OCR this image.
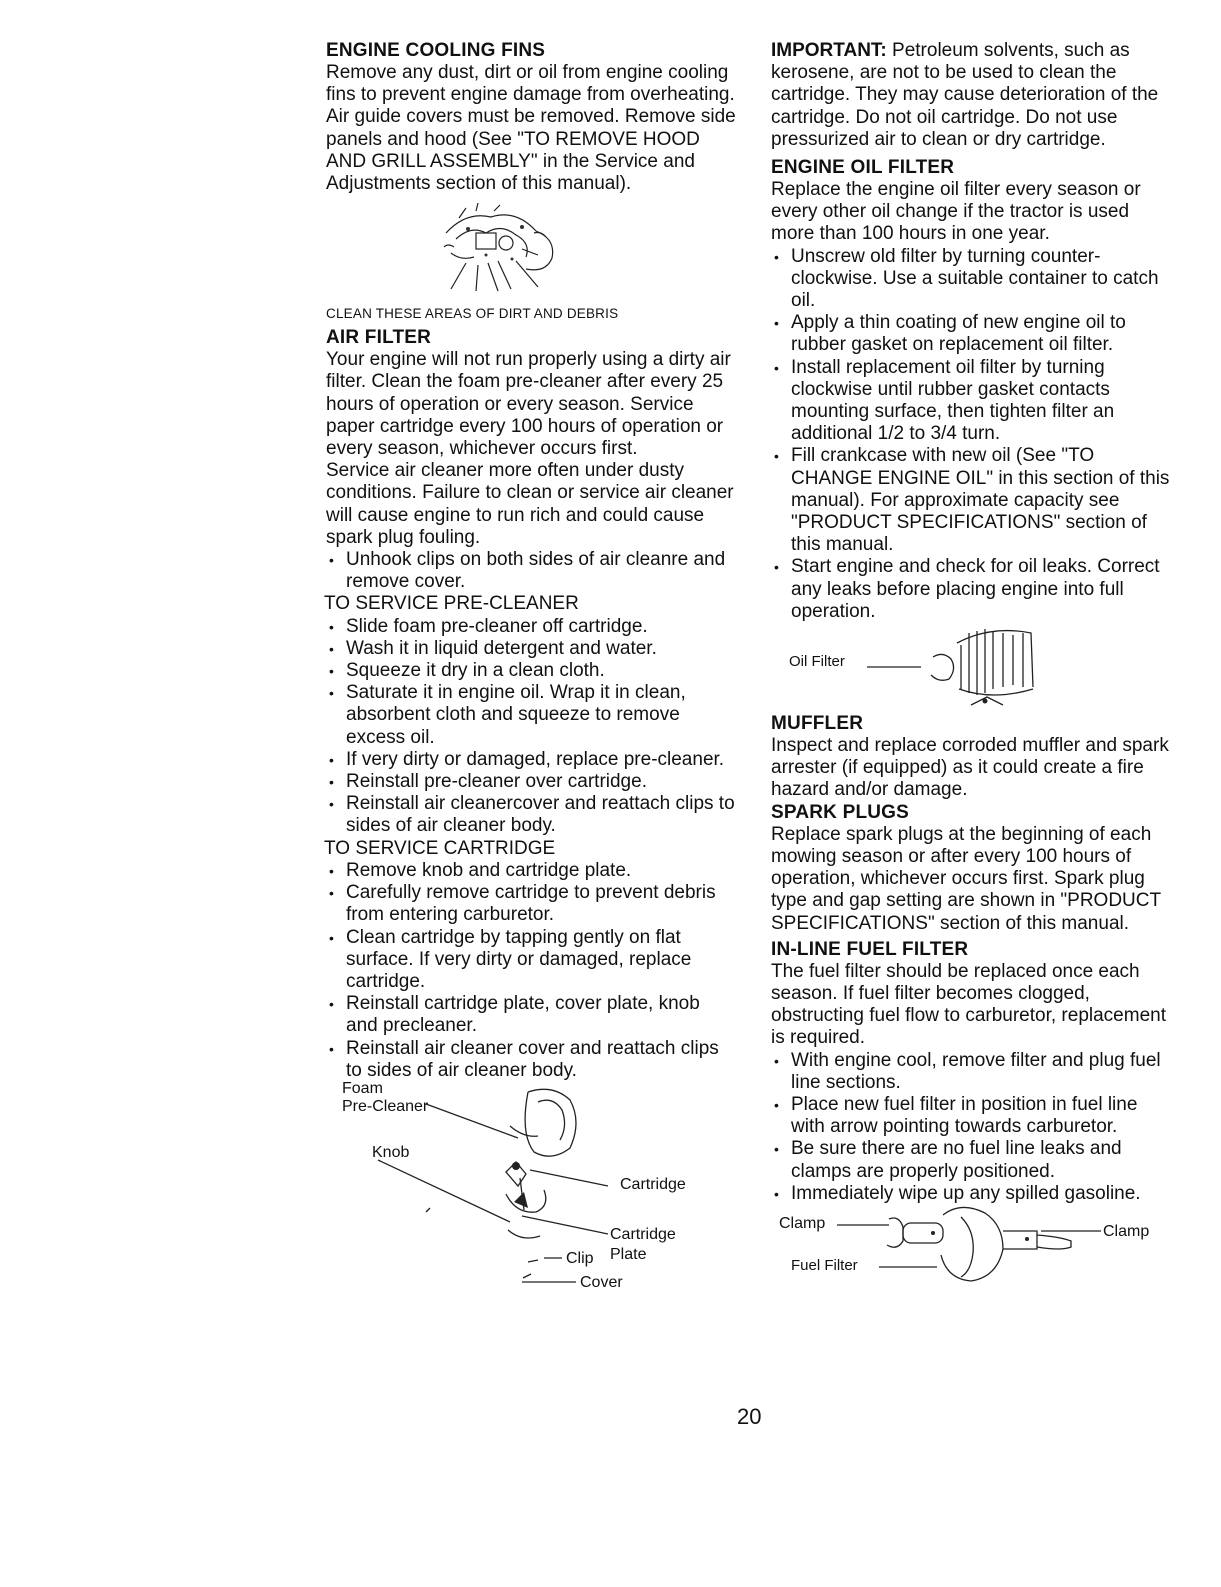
ENGINE COOLING FINS

Remove any dust, dirt or oil from engine cooling fins to prevent engine damage from overheating. Air guide covers must be removed. Remove side panels and hood (See "TO REMOVE HOOD AND GRILL ASSEMBLY" in the Service and Adjustments section of this manual).

CLEAN THESE AREAS OF DIRT AND DEBRIS

AIR FILTER

Your engine will not run properly using a dirty air filter. Clean the foam pre-cleaner after every 25 hours of operation or every season. Service paper cartridge every 100 hours of operation or every season, whichever occurs first.

Service air cleaner more often under dusty conditions. Failure to clean or service air cleaner will cause engine to run rich and could cause spark plug fouling.

• Unhook clips on both sides of air cleanre and remove cover.

TO SERVICE PRE-CLEANER

• Slide foam pre-cleaner off cartridge.
• Wash it in liquid detergent and water.
• Squeeze it dry in a clean cloth.
• Saturate it in engine oil. Wrap it in clean, absorbent cloth and squeeze to remove excess oil.
• If very dirty or damaged, replace pre-cleaner.
• Reinstall pre-cleaner over cartridge.
• Reinstall air cleanercover and reattach clips to sides of air cleaner body.

TO SERVICE CARTRIDGE

• Remove knob and cartridge plate.
• Carefully remove cartridge to prevent debris from entering carburetor.
• Clean cartridge by tapping gently on flat surface. If very dirty or damaged, replace cartridge.
• Reinstall cartridge plate, cover plate, knob and precleaner.
• Reinstall air cleaner cover and reattach clips to sides of air cleaner body.
Foam
Pre-Cleaner
Knob
Cartridge
Cartridge
Plate
Clip
Cover

IMPORTANT: Petroleum solvents, such as kerosene, are not to be used to clean the cartridge. They may cause deterioration of the cartridge. Do not oil cartridge. Do not use pressurized air to clean or dry cartridge.

ENGINE OIL FILTER

Replace the engine oil filter every season or every other oil change if the tractor is used more than 100 hours in one year.

• Unscrew old filter by turning counter-clockwise. Use a suitable container to catch oil.
• Apply a thin coating of new engine oil to rubber gasket on replacement oil filter.
• Install replacement oil filter by turning clockwise until rubber gasket contacts mounting surface, then tighten filter an additional 1/2 to 3/4 turn.
• Fill crankcase with new oil (See "TO CHANGE ENGINE OIL" in this section of this manual). For approximate capacity see "PRODUCT SPECIFICATIONS" section of this manual.
• Start engine and check for oil leaks. Correct any leaks before placing engine into full operation.
Oil Filter

MUFFLER

Inspect and replace corroded muffler and spark arrester (if equipped) as it could create a fire hazard and/or damage.

SPARK PLUGS

Replace spark plugs at the beginning of each mowing season or after every 100 hours of operation, whichever occurs first. Spark plug type and gap setting are shown in "PRODUCT SPECIFICATIONS" section of this manual.

IN-LINE FUEL FILTER

The fuel filter should be replaced once each season. If fuel filter becomes clogged, obstructing fuel flow to carburetor, replacement is required.

• With engine cool, remove filter and plug fuel line sections.
• Place new fuel filter in position in fuel line with arrow pointing towards carburetor.
• Be sure there are no fuel line leaks and clamps are properly positioned.
• Immediately wipe up any spilled gasoline.
Clamp	Clamp
Fuel Filter
20
